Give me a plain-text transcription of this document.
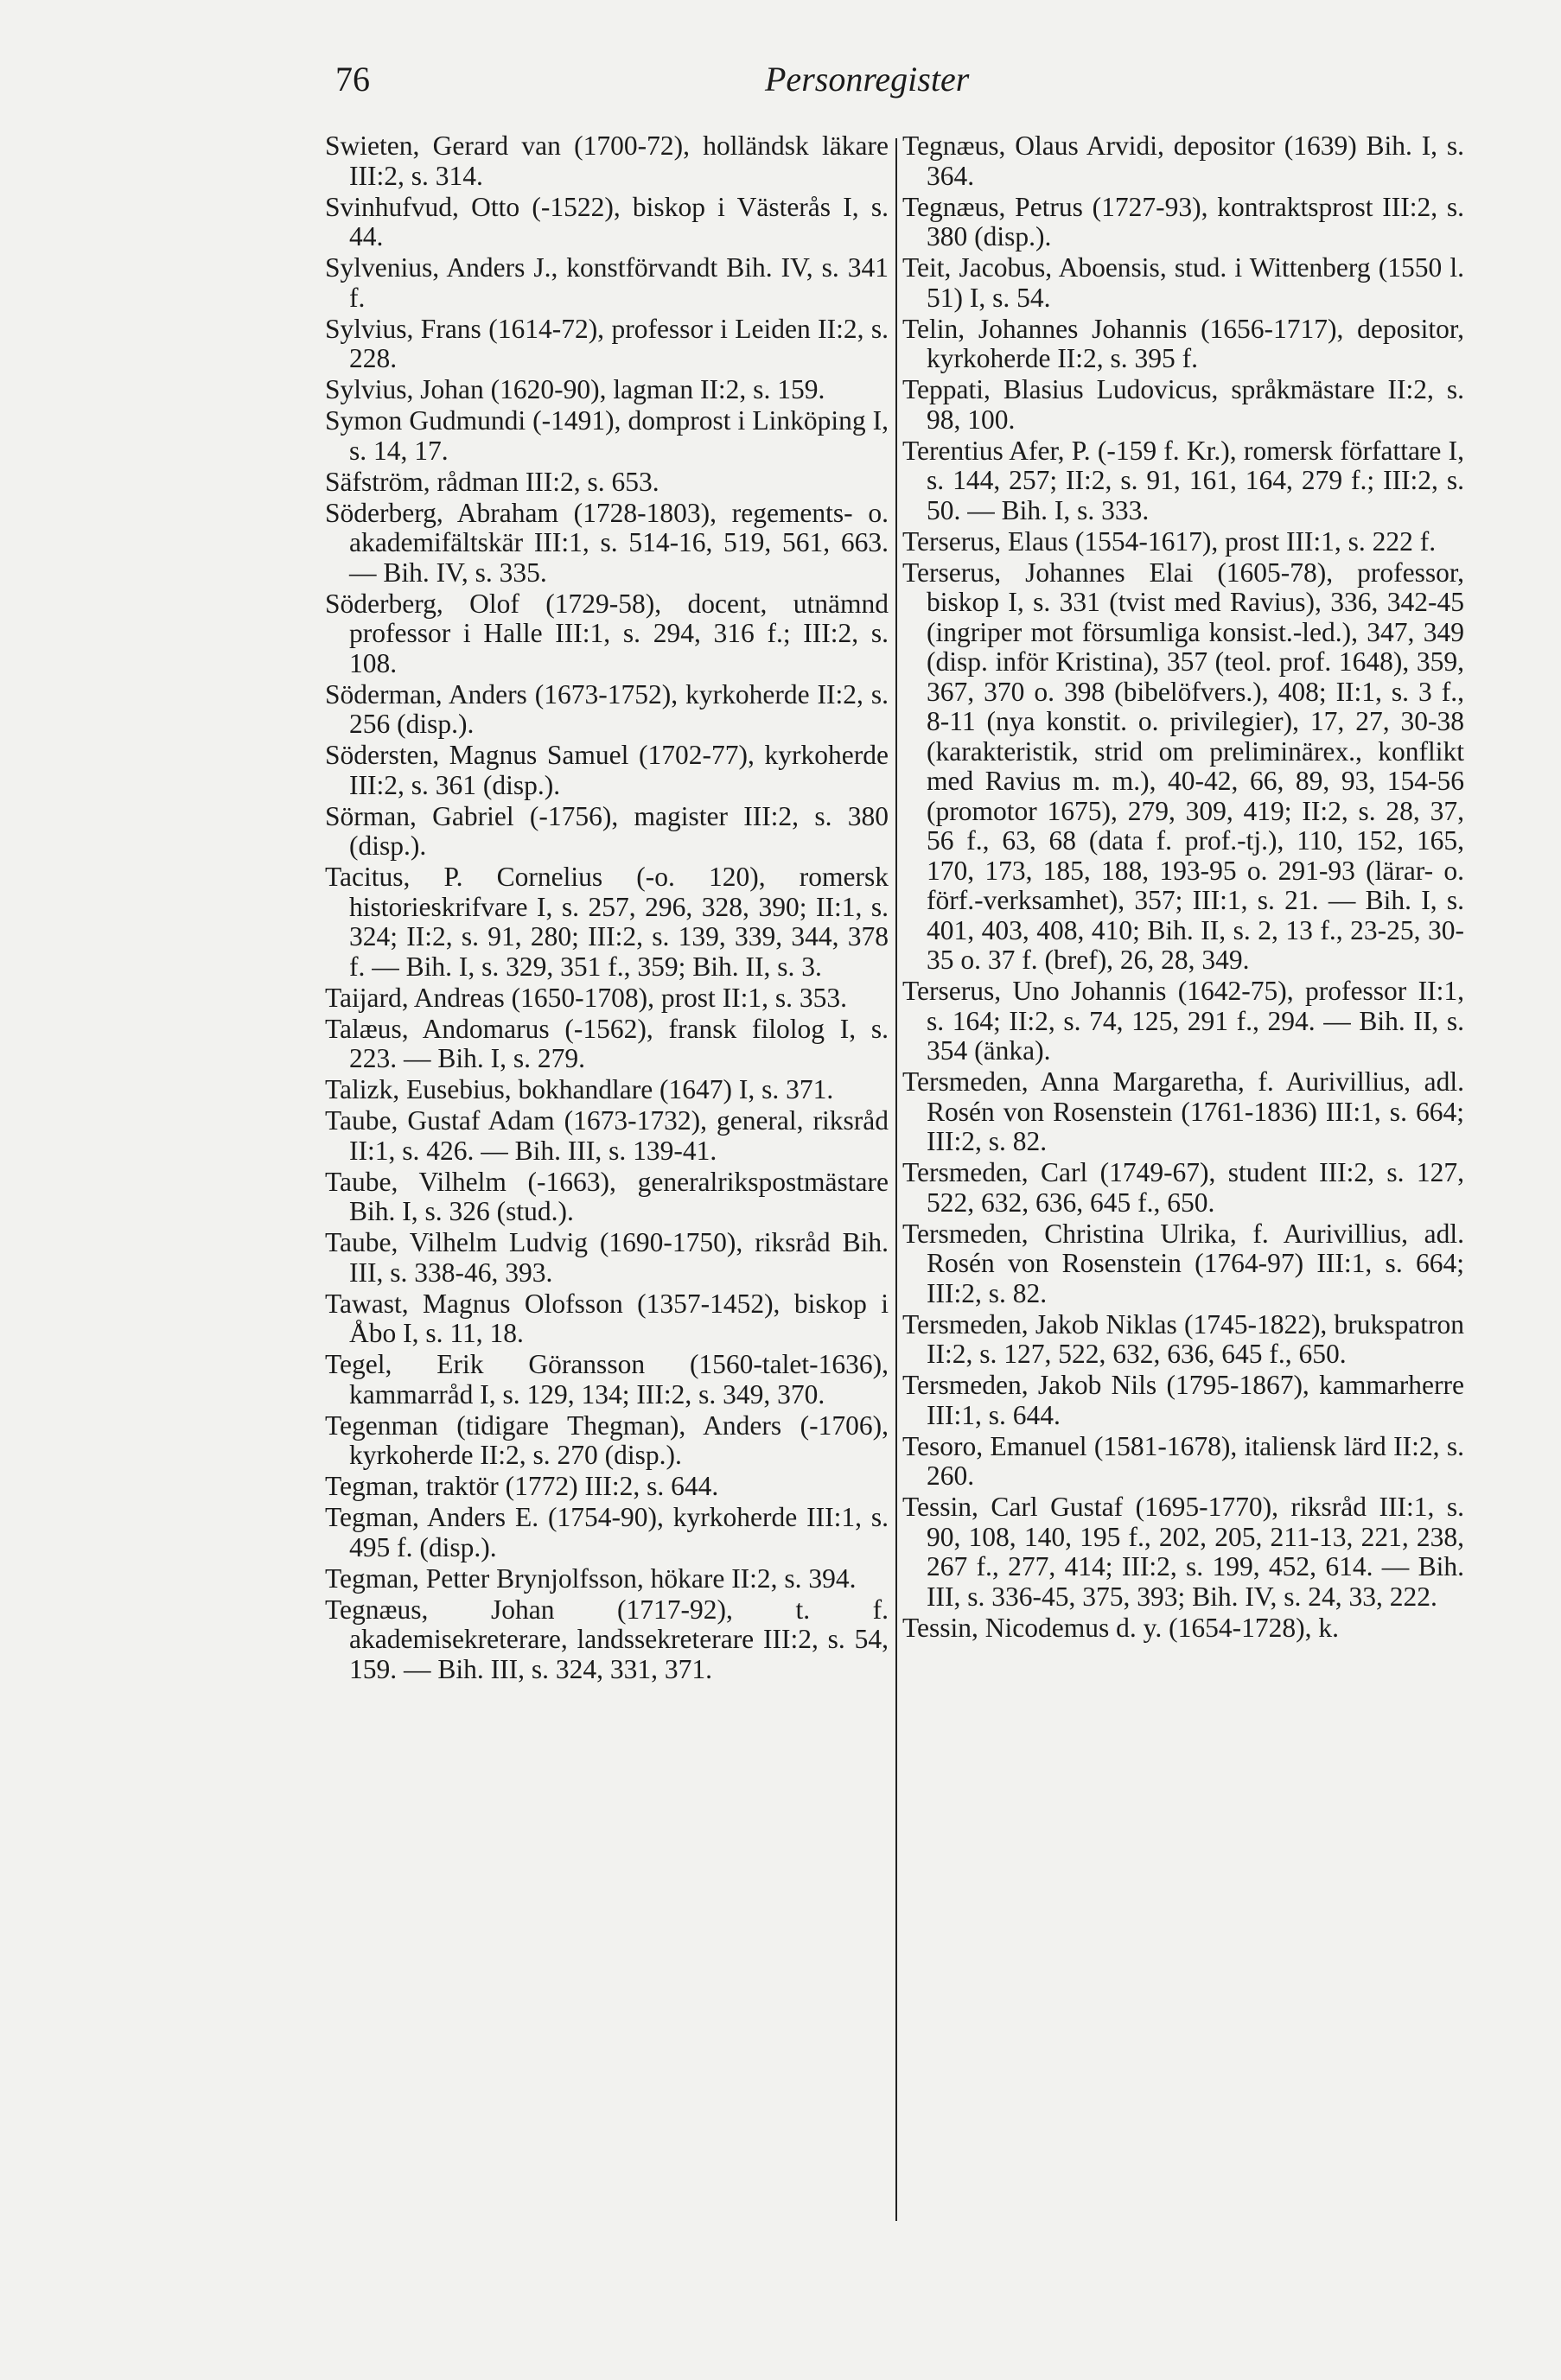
76	Personregister

Swieten, Gerard van (1700-72), holländsk läkare III:2, s. 314.

Svinhufvud, Otto (-1522), biskop i Västerås I, s. 44.

Sylvenius, Anders J., konstförvandt Bih. IV, s. 341 f.

Sylvius, Frans (1614-72), professor i Leiden II:2, s. 228.

Sylvius, Johan (1620-90), lagman II:2, s. 159.

Symon Gudmundi (-1491), domprost i Linköping I, s. 14, 17.

Säfström, rådman III:2, s. 653.

Söderberg, Abraham (1728-1803), regements- o. akademifältskär III:1, s. 514-16, 519, 561, 663. — Bih. IV, s. 335.

Söderberg, Olof (1729-58), docent, utnämnd professor i Halle III:1, s. 294, 316 f.; III:2, s. 108.

Söderman, Anders (1673-1752), kyrkoherde II:2, s. 256 (disp.).

Södersten, Magnus Samuel (1702-77), kyrkoherde III:2, s. 361 (disp.).

Sörman, Gabriel (-1756), magister III:2, s. 380 (disp.).

Tacitus, P. Cornelius (-o. 120), romersk historieskrifvare I, s. 257, 296, 328, 390; II:1, s. 324; II:2, s. 91, 280; III:2, s. 139, 339, 344, 378 f. — Bih. I, s. 329, 351 f., 359; Bih. II, s. 3.

Taijard, Andreas (1650-1708), prost II:1, s. 353.

Talæus, Andomarus (-1562), fransk filolog I, s. 223. — Bih. I, s. 279.

Talizk, Eusebius, bokhandlare (1647) I, s. 371.

Taube, Gustaf Adam (1673-1732), general, riksråd II:1, s. 426. — Bih. III, s. 139-41.

Taube, Vilhelm (-1663), generalrikspostmästare Bih. I, s. 326 (stud.).

Taube, Vilhelm Ludvig (1690-1750), riksråd Bih. III, s. 338-46, 393.

Tawast, Magnus Olofsson (1357-1452), biskop i Åbo I, s. 11, 18.

Tegel, Erik Göransson (1560-talet-1636), kammarråd I, s. 129, 134; III:2, s. 349, 370.

Tegenman (tidigare Thegman), Anders (-1706), kyrkoherde II:2, s. 270 (disp.).

Tegman, traktör (1772) III:2, s. 644.

Tegman, Anders E. (1754-90), kyrkoherde III:1, s. 495 f. (disp.).

Tegman, Petter Brynjolfsson, hökare II:2, s. 394.

Tegnæus, Johan (1717-92), t. f. akademisekreterare, landssekreterare III:2, s. 54, 159. — Bih. III, s. 324, 331, 371.

Tegnæus, Olaus Arvidi, depositor (1639) Bih. I, s. 364.

Tegnæus, Petrus (1727-93), kontraktsprost III:2, s. 380 (disp.).

Teit, Jacobus, Aboensis, stud. i Wittenberg (1550 l. 51) I, s. 54.

Telin, Johannes Johannis (1656-1717), depositor, kyrkoherde II:2, s. 395 f.

Teppati, Blasius Ludovicus, språkmästare II:2, s. 98, 100.

Terentius Afer, P. (-159 f. Kr.), romersk författare I, s. 144, 257; II:2, s. 91, 161, 164, 279 f.; III:2, s. 50. — Bih. I, s. 333.

Terserus, Elaus (1554-1617), prost III:1, s. 222 f.

Terserus, Johannes Elai (1605-78), professor, biskop I, s. 331 (tvist med Ravius), 336, 342-45 (ingriper mot försumliga konsist.-led.), 347, 349 (disp. inför Kristina), 357 (teol. prof. 1648), 359, 367, 370 o. 398 (bibelöfvers.), 408; II:1, s. 3 f., 8-11 (nya konstit. o. privilegier), 17, 27, 30-38 (karakteristik, strid om preliminärex., konflikt med Ravius m. m.), 40-42, 66, 89, 93, 154-56 (promotor 1675), 279, 309, 419; II:2, s. 28, 37, 56 f., 63, 68 (data f. prof.-tj.), 110, 152, 165, 170, 173, 185, 188, 193-95 o. 291-93 (lärar- o. förf.-verksamhet), 357; III:1, s. 21. — Bih. I, s. 401, 403, 408, 410; Bih. II, s. 2, 13 f., 23-25, 30-35 o. 37 f. (bref), 26, 28, 349.

Terserus, Uno Johannis (1642-75), professor II:1, s. 164; II:2, s. 74, 125, 291 f., 294. — Bih. II, s. 354 (änka).

Tersmeden, Anna Margaretha, f. Aurivillius, adl. Rosén von Rosenstein (1761-1836) III:1, s. 664; III:2, s. 82.

Tersmeden, Carl (1749-67), student III:2, s. 127, 522, 632, 636, 645 f., 650.

Tersmeden, Christina Ulrika, f. Aurivillius, adl. Rosén von Rosenstein (1764-97) III:1, s. 664; III:2, s. 82.

Tersmeden, Jakob Niklas (1745-1822), brukspatron II:2, s. 127, 522, 632, 636, 645 f., 650.

Tersmeden, Jakob Nils (1795-1867), kammarherre III:1, s. 644.

Tesoro, Emanuel (1581-1678), italiensk lärd II:2, s. 260.

Tessin, Carl Gustaf (1695-1770), riksråd III:1, s. 90, 108, 140, 195 f., 202, 205, 211-13, 221, 238, 267 f., 277, 414; III:2, s. 199, 452, 614. — Bih. III, s. 336-45, 375, 393; Bih. IV, s. 24, 33, 222.

Tessin, Nicodemus d. y. (1654-1728), k.
